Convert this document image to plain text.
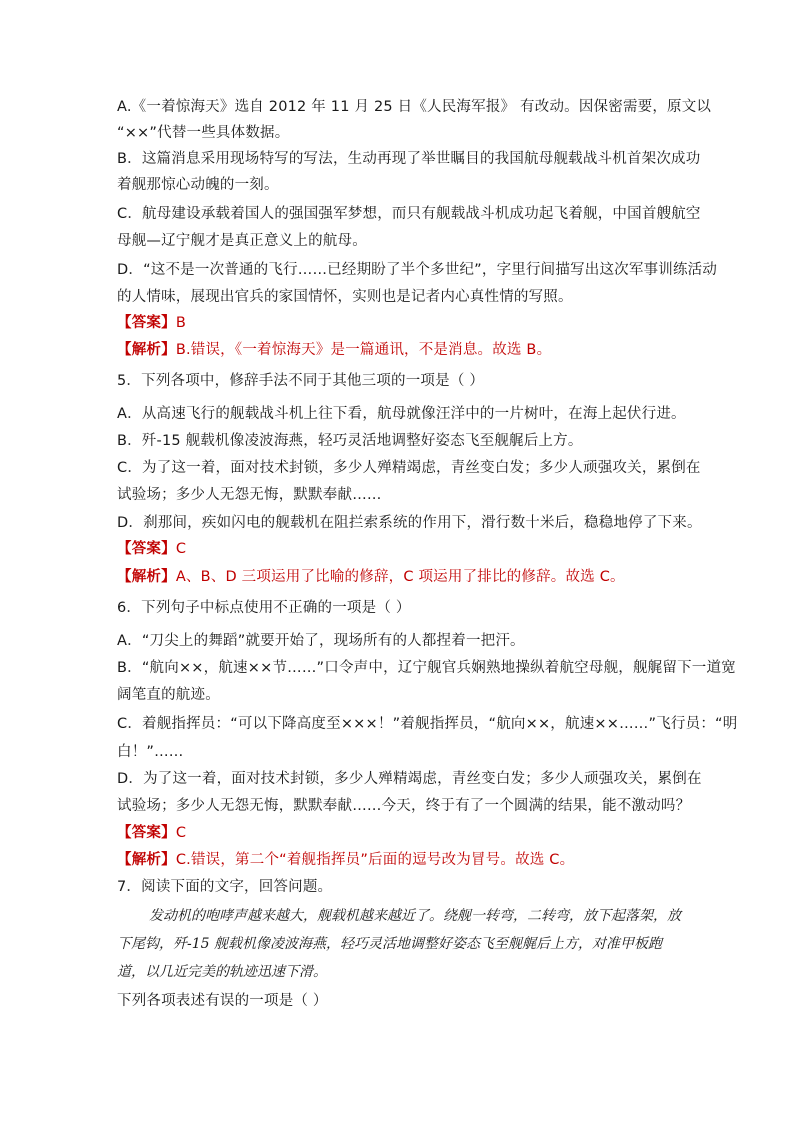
A.《一着惊海天》选自 2012 年 11 月 25 日《人民海军报》 有改动。因保密需要，原文以
“××”代替一些具体数据。
B．这篇消息采用现场特写的写法，生动再现了举世瞩目的我国航母舰载战斗机首架次成功
着舰那惊心动魄的一刻。
C．航母建设承载着国人的强国强军梦想，而只有舰载战斗机成功起飞着舰，中国首艘航空
母舰—辽宁舰才是真正意义上的航母。
D．“这不是一次普通的飞行……已经期盼了半个多世纪”，字里行间描写出这次军事训练活动
的人情味，展现出官兵的家国情怀，实则也是记者内心真性情的写照。
【答案】B
【解析】B.错误，《一着惊海天》是一篇通讯，不是消息。故选 B。
5．下列各项中，修辞手法不同于其他三项的一项是（ ）
A．从高速飞行的舰载战斗机上往下看，航母就像汪洋中的一片树叶，在海上起伏行进。
B．歼-15 舰载机像凌波海燕，轻巧灵活地调整好姿态飞至舰艉后上方。
C．为了这一着，面对技术封锁，多少人殚精竭虑，青丝变白发；多少人顽强攻关，累倒在
试验场；多少人无怨无悔，默默奉献……
D．刹那间，疾如闪电的舰载机在阻拦索系统的作用下，滑行数十米后，稳稳地停了下来。
【答案】C
【解析】A、B、D 三项运用了比喻的修辞，C 项运用了排比的修辞。故选 C。
6．下列句子中标点使用不正确的一项是（ ）
A．“刀尖上的舞蹈”就要开始了，现场所有的人都捏着一把汗。
B．“航向××，航速××节……”口令声中，辽宁舰官兵娴熟地操纵着航空母舰，舰艉留下一道宽
阔笔直的航迹。
C．着舰指挥员：“可以下降高度至×××！”着舰指挥员，“航向××，航速××……”飞行员：“明
白！”……
D．为了这一着，面对技术封锁，多少人殚精竭虑，青丝变白发；多少人顽强攻关，累倒在
试验场；多少人无怨无悔，默默奉献……今天，终于有了一个圆满的结果，能不激动吗？
【答案】C
【解析】C.错误，第二个“着舰指挥员”后面的逗号改为冒号。故选 C。
7．阅读下面的文字，回答问题。

发动机的咆哮声越来越大，舰载机越来越近了。绕舰一转弯，二转弯，放下起落架，放下尾钩，歼-15 舰载机像凌波海燕，轻巧灵活地调整好姿态飞至舰艉后上方，对准甲板跑道，以几近完美的轨迹迅速下滑。

下列各项表述有误的一项是（ ）
